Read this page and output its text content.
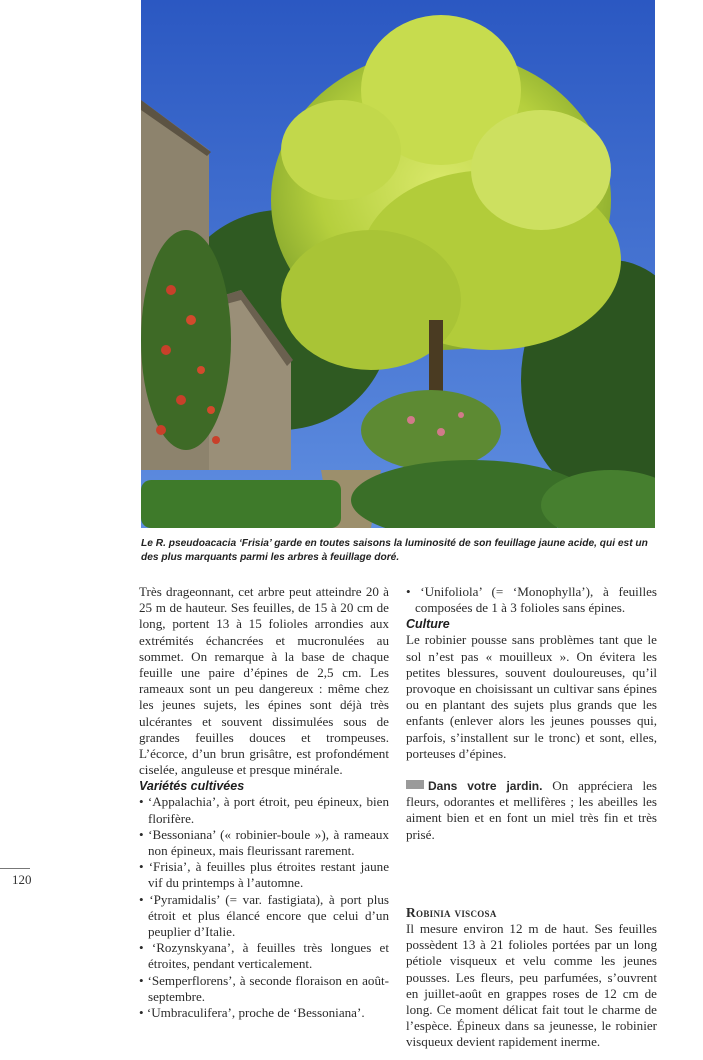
Le R. pseudoacacia ‘Frisia’ garde en toutes saisons la luminosité de son feuillage jaune acide, qui est un des plus marquants parmi les arbres à feuillage doré.

Très drageonnant, cet arbre peut atteindre 20 à 25 m de hauteur. Ses feuilles, de 15 à 20 cm de long, portent 13 à 15 folioles arrondies aux extrémités échancrées et mucronulées au sommet. On remarque à la base de chaque feuille une paire d’épines de 2,5 cm. Les rameaux sont un peu dangereux : même chez les jeunes sujets, les épines sont déjà très ulcérantes et souvent dissimulées sous de grandes feuilles douces et trompeuses. L’écorce, d’un brun grisâtre, est profondément ciselée, anguleuse et presque minérale.

Variétés cultivées
• ‘Appalachia’, à port étroit, peu épineux, bien florifère.
• ‘Bessoniana’ (« robinier-boule »), à rameaux non épineux, mais fleurissant rarement.
• ‘Frisia’, à feuilles plus étroites restant jaune vif du printemps à l’automne.
• ‘Pyramidalis’ (= var. fastigiata), à port plus étroit et plus élancé encore que celui d’un peuplier d’Italie.
• ‘Rozynskyana’, à feuilles très longues et étroites, pendant verticalement.
• ‘Semperflorens’, à seconde floraison en août-septembre.
• ‘Umbraculifera’, proche de ‘Bessoniana’.
• ‘Unifoliola’ (= ‘Monophylla’), à feuilles composées de 1 à 3 folioles sans épines.
Culture

Le robinier pousse sans problèmes tant que le sol n’est pas « mouilleux ». On évitera les petites blessures, souvent douloureuses, qu’il provoque en choisissant un cultivar sans épines ou en plantant des sujets plus grands que les enfants (enlever alors les jeunes pousses qui, parfois, s’installent sur le tronc) et sont, elles, porteuses d’épines.

Dans votre jardin. On appréciera les fleurs, odorantes et mellifères ; les abeilles les aiment bien et en font un miel très fin et très prisé.

Robinia viscosa

Il mesure environ 12 m de haut. Ses feuilles possèdent 13 à 21 folioles portées par un long pétiole visqueux et velu comme les jeunes pousses. Les fleurs, peu parfumées, s’ouvrent en juillet-août en grappes roses de 12 cm de long. Ce moment délicat fait tout le charme de l’espèce. Épineux dans sa jeunesse, le robinier visqueux devient rapidement inerme.

120
